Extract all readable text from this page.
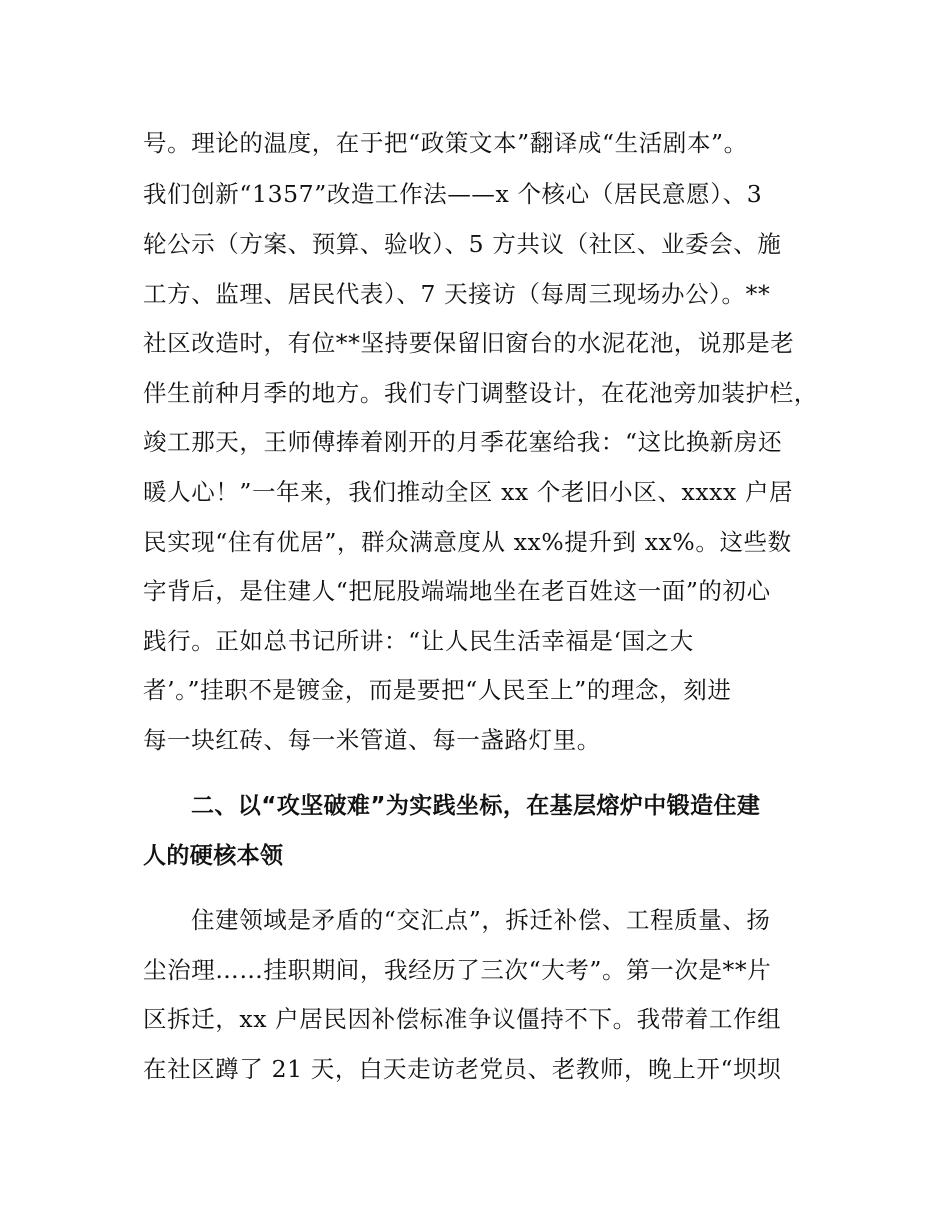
号。理论的温度，在于把“政策文本”翻译成“生活剧本”。
我们创新“1357”改造工作法——x 个核心（居民意愿）、3
轮公示（方案、预算、验收）、5 方共议（社区、业委会、施
工方、监理、居民代表）、7 天接访（每周三现场办公）。**
社区改造时，有位**坚持要保留旧窗台的水泥花池，说那是老
伴生前种月季的地方。我们专门调整设计，在花池旁加装护栏，
竣工那天，王师傅捧着刚开的月季花塞给我：“这比换新房还
暖人心！”一年来，我们推动全区 xx 个老旧小区、xxxx 户居
民实现“住有优居”，群众满意度从 xx%提升到 xx%。这些数
字背后，是住建人“把屁股端端地坐在老百姓这一面”的初心
践行。正如总书记所讲：“让人民生活幸福是‘国之大
者’。”挂职不是镀金，而是要把“人民至上”的理念，刻进
每一块红砖、每一米管道、每一盏路灯里。
二、以“攻坚破难”为实践坐标，在基层熔炉中锻造住建
人的硬核本领
住建领域是矛盾的“交汇点”，拆迁补偿、工程质量、扬
尘治理……挂职期间，我经历了三次“大考”。第一次是**片
区拆迁，xx 户居民因补偿标准争议僵持不下。我带着工作组
在社区蹲了 21 天，白天走访老党员、老教师，晚上开“坝坝
